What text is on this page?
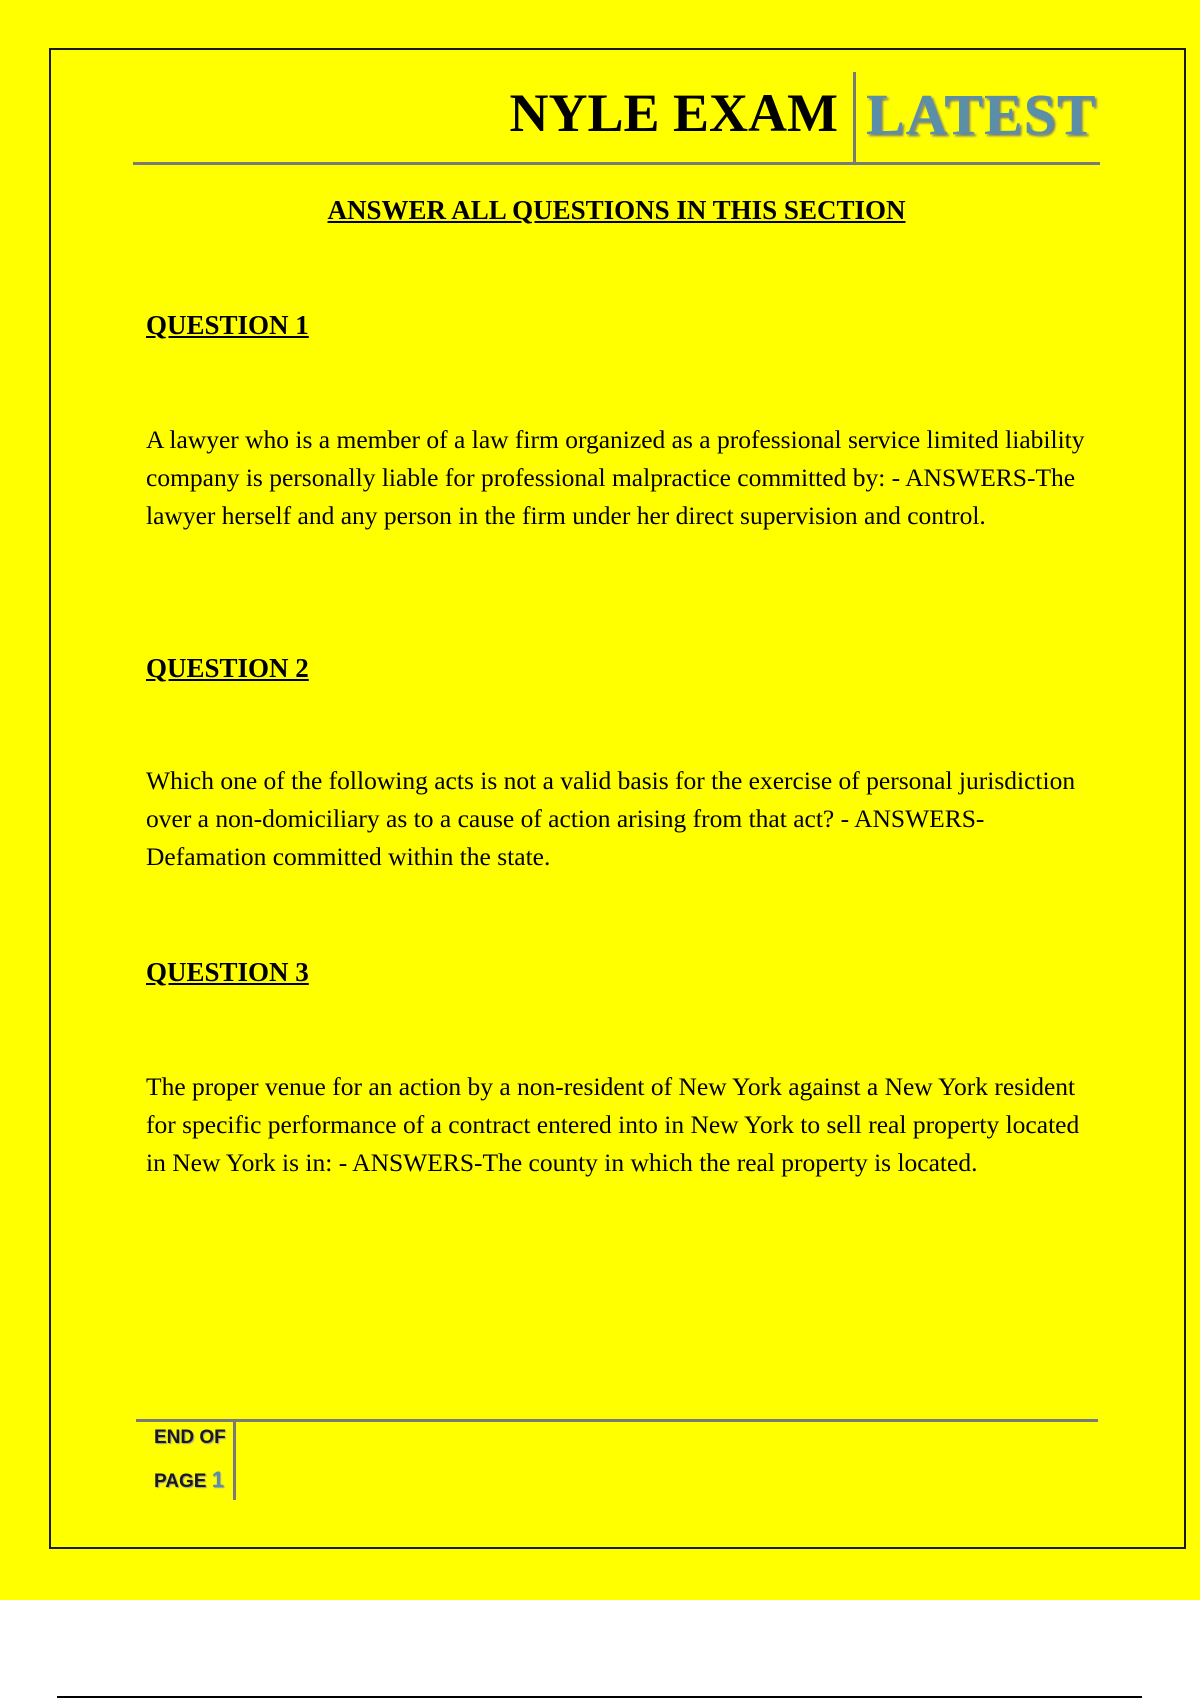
NYLE EXAM LATEST
ANSWER ALL QUESTIONS IN THIS SECTION
QUESTION 1

A lawyer who is a member of a law firm organized as a professional service limited liability company is personally liable for professional malpractice committed by: - ANSWERS-The lawyer herself and any person in the firm under her direct supervision and control.

QUESTION 2

Which one of the following acts is not a valid basis for the exercise of personal jurisdiction over a non-domiciliary as to a cause of action arising from that act? - ANSWERS-Defamation committed within the state.

QUESTION 3

The proper venue for an action by a non-resident of New York against a New York resident for specific performance of a contract entered into in New York to sell real property located in New York is in: - ANSWERS-The county in which the real property is located.

END OF
PAGE 1
